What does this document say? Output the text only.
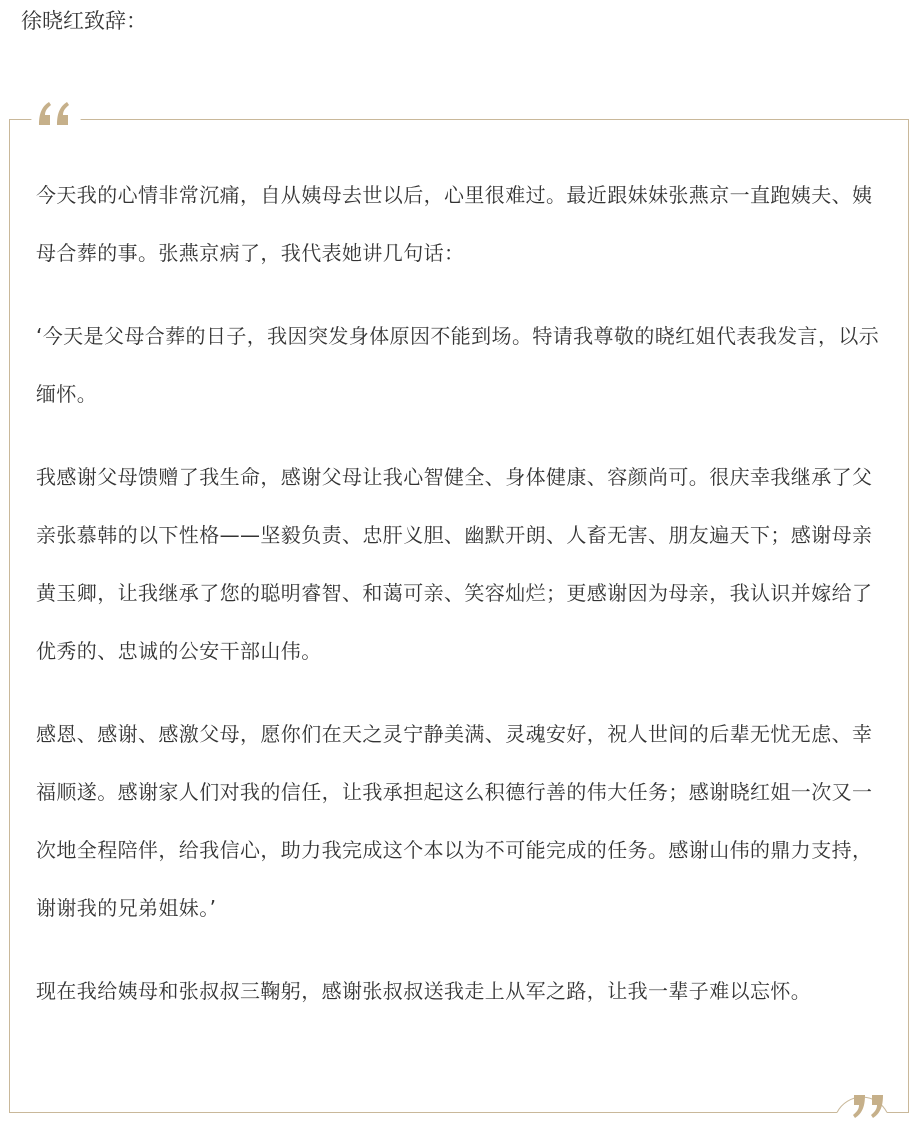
徐晓红致辞：

今天我的心情非常沉痛，自从姨母去世以后，心里很难过。最近跟妹妹张燕京一直跑姨夫、姨母合葬的事。张燕京病了，我代表她讲几句话：

‘今天是父母合葬的日子，我因突发身体原因不能到场。特请我尊敬的晓红姐代表我发言，以示缅怀。

我感谢父母馈赠了我生命，感谢父母让我心智健全、身体健康、容颜尚可。很庆幸我继承了父亲张慕韩的以下性格——坚毅负责、忠肝义胆、幽默开朗、人畜无害、朋友遍天下；感谢母亲黄玉卿，让我继承了您的聪明睿智、和蔼可亲、笑容灿烂；更感谢因为母亲，我认识并嫁给了优秀的、忠诚的公安干部山伟。

感恩、感谢、感激父母，愿你们在天之灵宁静美满、灵魂安好，祝人世间的后辈无忧无虑、幸福顺遂。感谢家人们对我的信任，让我承担起这么积德行善的伟大任务；感谢晓红姐一次又一次地全程陪伴，给我信心，助力我完成这个本以为不可能完成的任务。感谢山伟的鼎力支持，谢谢我的兄弟姐妹。’

现在我给姨母和张叔叔三鞠躬，感谢张叔叔送我走上从军之路，让我一辈子难以忘怀。
